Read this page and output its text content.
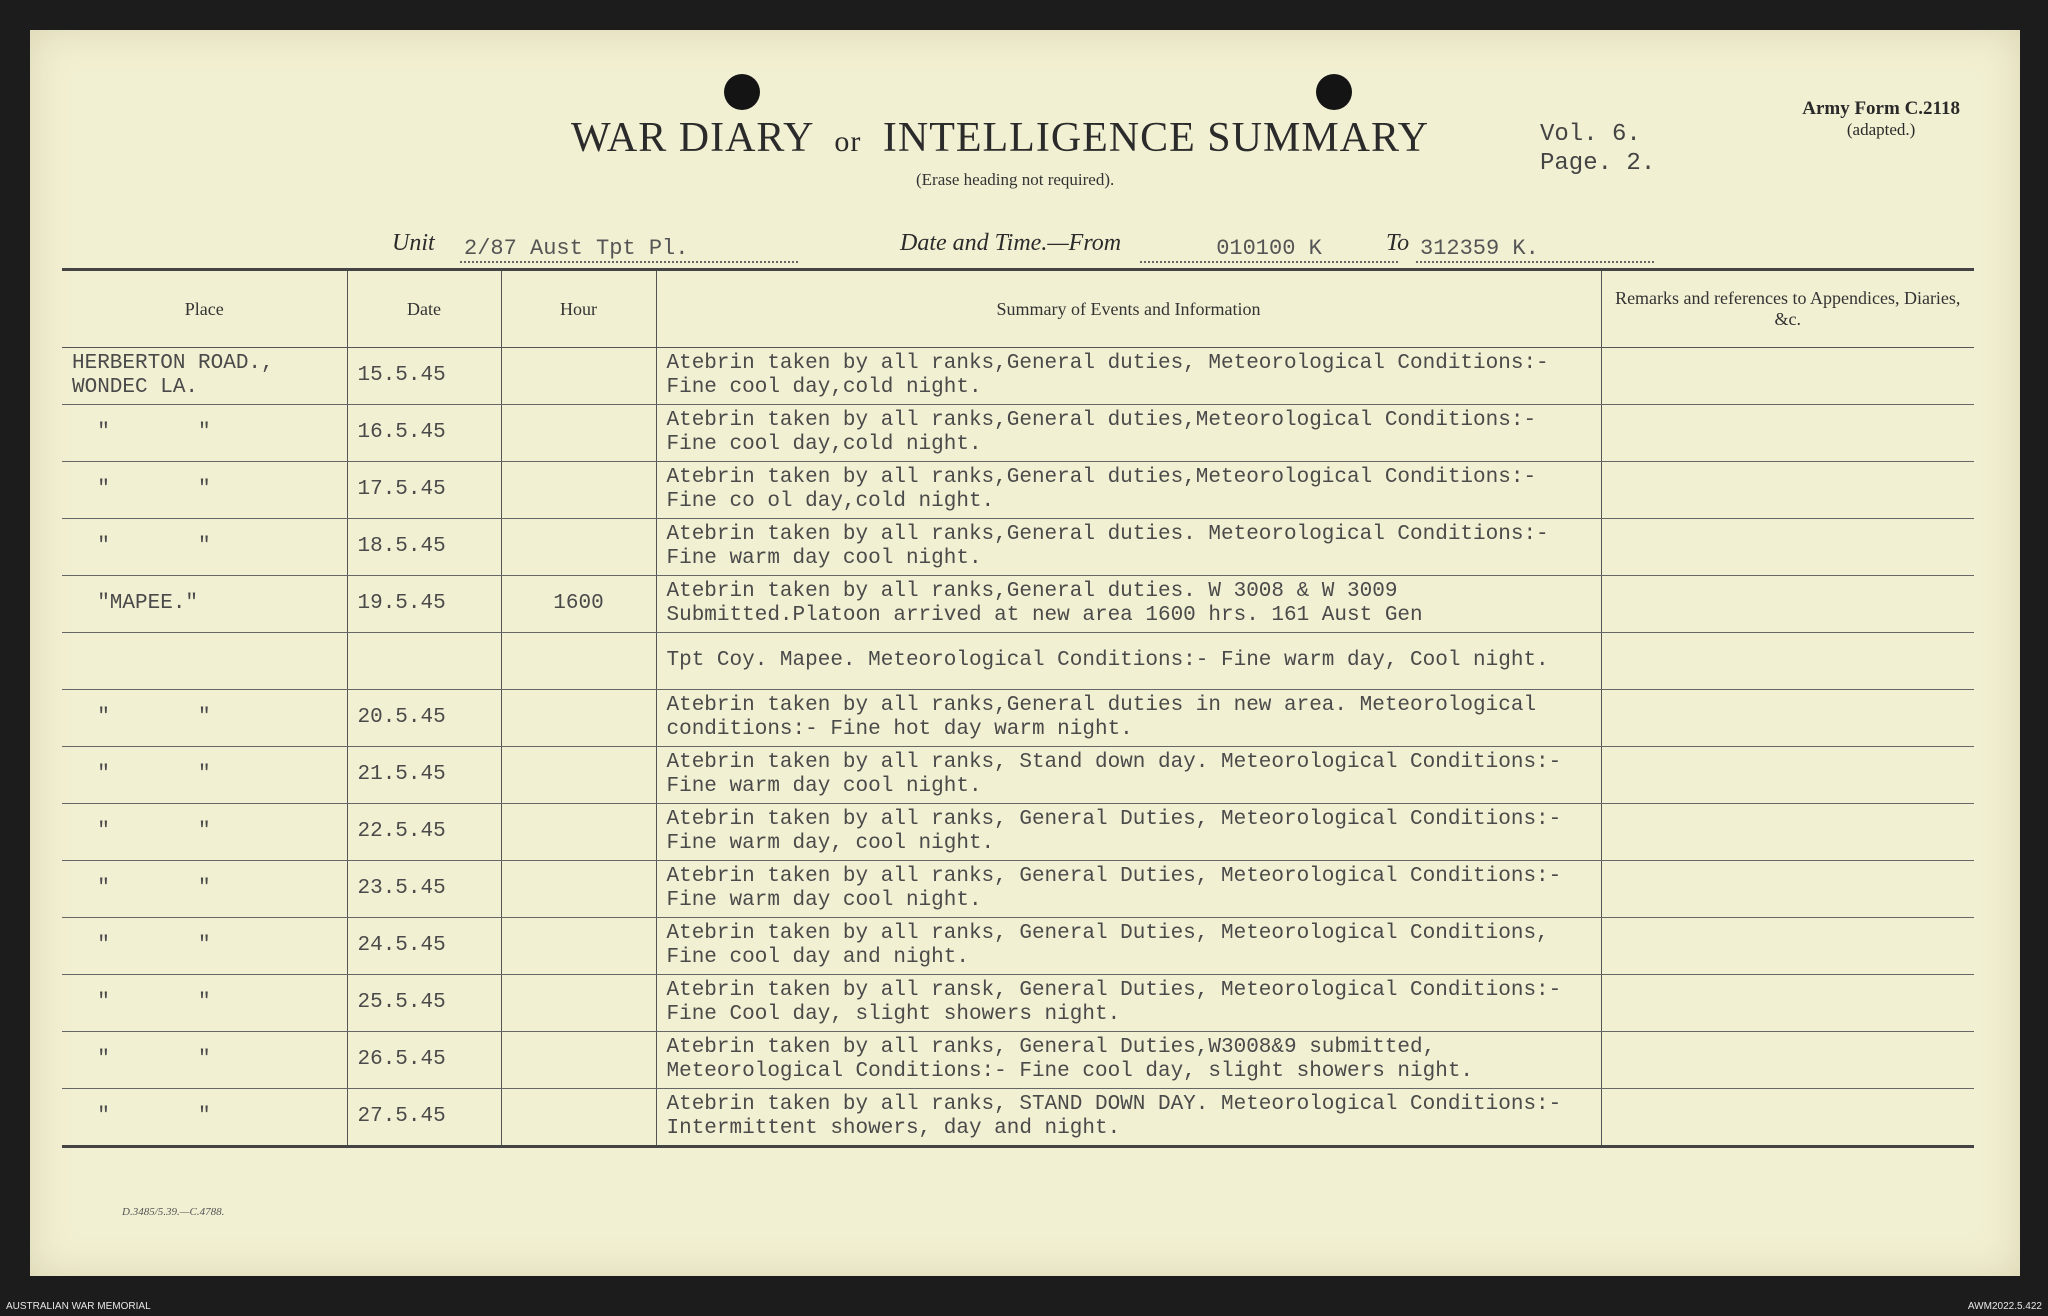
WAR DIARY or INTELLIGENCE SUMMARY
(Erase heading not required).
Vol. 6.
Page. 2.
Army Form C.2118
(adapted.)
Unit 2/87 Aust Tpt Pl.	Date and Time.—From	010100 K	To 312359 K.
Place	Date	Hour	Summary of Events and Information	Remarks and references to Appendices, Diaries, &c.
HERBERTON ROAD.,
WONDEC LA.	15.5.45		Atebrin taken by all ranks,General duties, Meteorological Conditions:- Fine cool day,cold night.	
"       "	16.5.45		Atebrin taken by all ranks,General duties,Meteorological Conditions:- Fine cool day,cold night.	
"       "	17.5.45		Atebrin taken by all ranks,General duties,Meteorological Conditions:- Fine co ol day,cold night.	
"       "	18.5.45		Atebrin taken by all ranks,General duties. Meteorological Conditions:- Fine warm day cool night.	
"MAPEE."	19.5.45	1600	Atebrin taken by all ranks,General duties. W 3008 & W 3009 Submitted.Platoon arrived at new area 1600 hrs. 161 Aust Gen	
			Tpt Coy. Mapee. Meteorological Conditions:- Fine warm day, Cool night.	
"       "	20.5.45		Atebrin taken by all ranks,General duties in new area. Meteorological conditions:- Fine hot day warm night.	
"       "	21.5.45		Atebrin taken by all ranks, Stand down day. Meteorological Conditions:- Fine warm day cool night.	
"       "	22.5.45		Atebrin taken by all ranks, General Duties, Meteorological Conditions:- Fine warm day, cool night.	
"       "	23.5.45		Atebrin taken by all ranks, General Duties, Meteorological Conditions:- Fine warm day cool night.	
"       "	24.5.45		Atebrin taken by all ranks, General Duties, Meteorological Conditions, Fine cool day and night.	
"       "	25.5.45		Atebrin taken by all ransk, General Duties, Meteorological Conditions:- Fine Cool day, slight showers night.	
"       "	26.5.45		Atebrin taken by all ranks, General Duties,W3008&9 submitted, Meteorological Conditions:- Fine cool day, slight showers night.	
"       "	27.5.45		Atebrin taken by all ranks, STAND DOWN DAY. Meteorological Conditions:- Intermittent showers, day and night.	
D.3485/5.39.—C.4788.
AUSTRALIAN WAR MEMORIAL	AWM2022.5.422
